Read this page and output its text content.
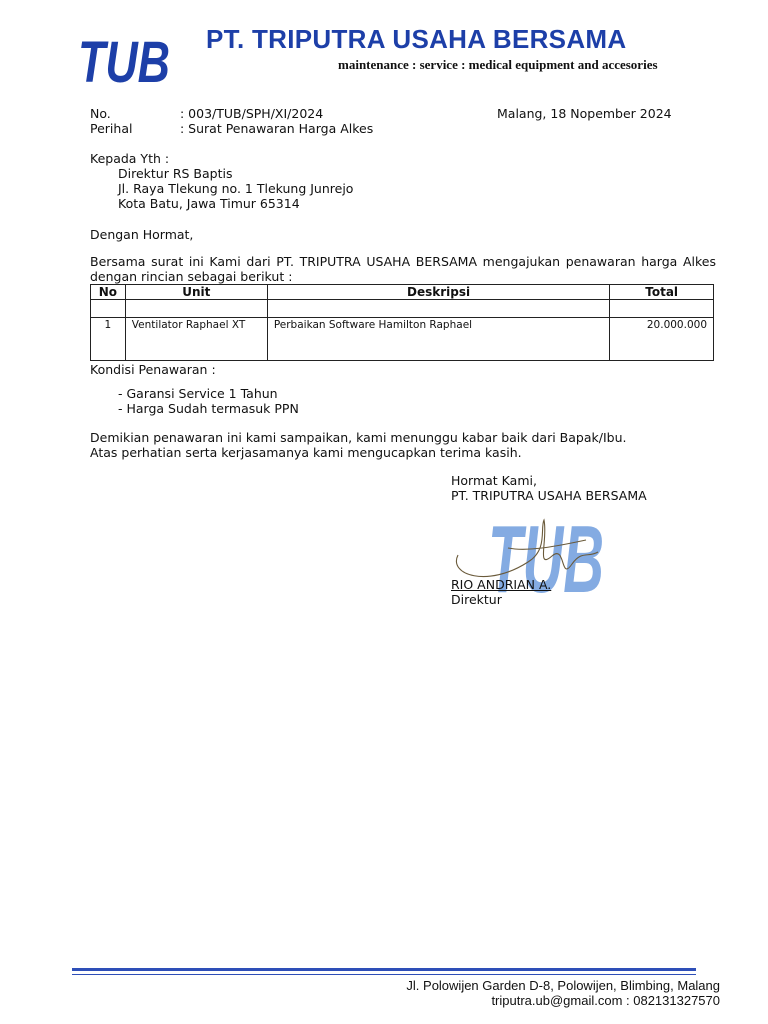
TUB PT. TRIPUTRA USAHA BERSAMA
maintenance : service : medical equipment and accesories
No.	: 003/TUB/SPH/XI/2024	Malang, 18 Nopember 2024
Perihal	: Surat Penawaran Harga Alkes
Kepada Yth :
Direktur RS Baptis
Jl. Raya Tlekung no. 1 Tlekung Junrejo
Kota Batu, Jawa Timur 65314
Dengan Hormat,
Bersama surat ini Kami dari PT. TRIPUTRA USAHA BERSAMA mengajukan penawaran harga Alkes dengan rincian sebagai berikut :
No	Unit	Deskripsi	Total

1	Ventilator Raphael XT	Perbaikan Software Hamilton Raphael	20.000.000
Kondisi Penawaran :
- Garansi Service 1 Tahun
- Harga Sudah termasuk PPN
Demikian penawaran ini kami sampaikan, kami menunggu kabar baik dari Bapak/Ibu.
Atas perhatian serta kerjasamanya kami mengucapkan terima kasih.
TUB
Hormat Kami,
PT. TRIPUTRA USAHA BERSAMA
RIO ANDRIAN A.
Direktur
Jl. Polowijen Garden D-8, Polowijen, Blimbing, Malang
triputra.ub@gmail.com : 082131327570
